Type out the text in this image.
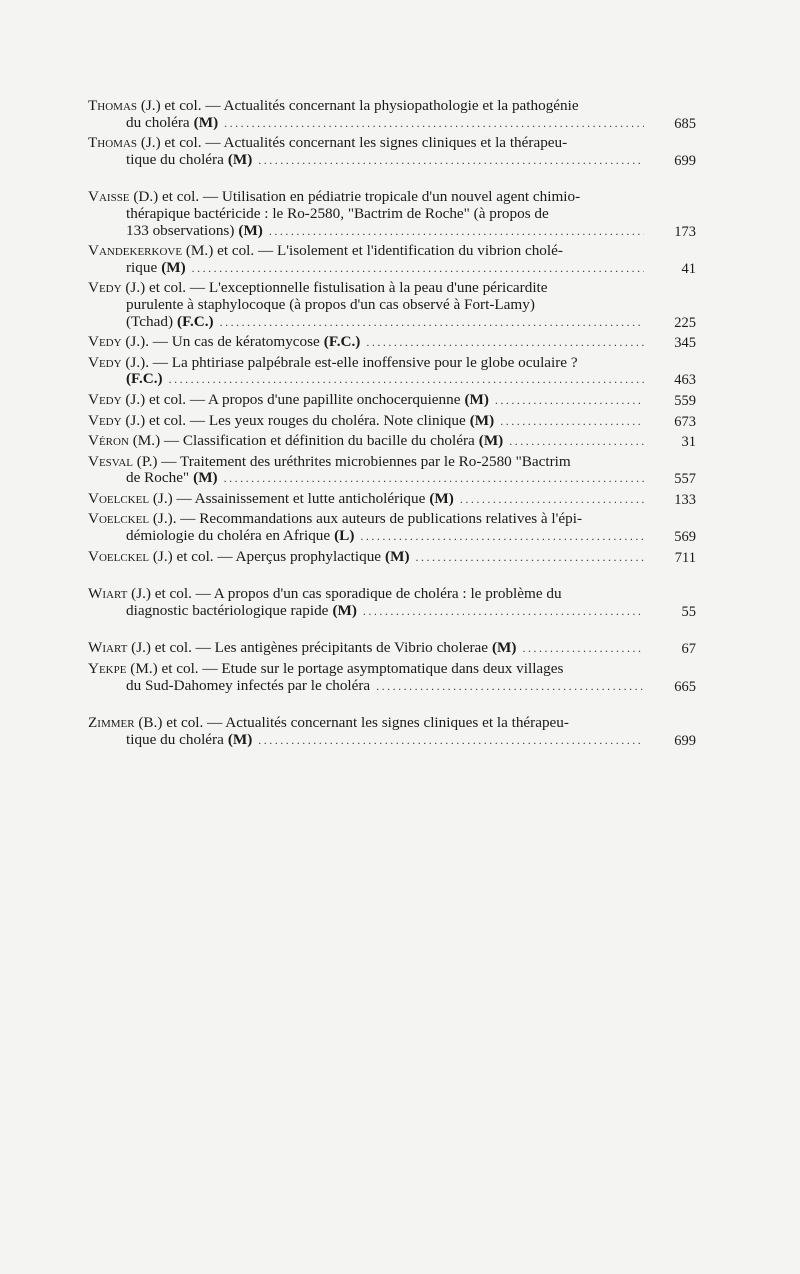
Thomas (J.) et col. — Actualités concernant la physiopathologie et la pathogénie
du choléra (M) .....	685
Thomas (J.) et col. — Actualités concernant les signes cliniques et la thérapeu-
tique du choléra (M) .....	699
Vaisse (D.) et col. — Utilisation en pédiatrie tropicale d'un nouvel agent chimio-
thérapique bactéricide : le Ro-2580, "Bactrim de Roche" (à propos de
133 observations) (M) .....	173
Vandekerkove (M.) et col. — L'isolement et l'identification du vibrion cholé-
rique (M) .....	41
Vedy (J.) et col. — L'exceptionnelle fistulisation à la peau d'une péricardite
purulente à staphylocoque (à propos d'un cas observé à Fort-Lamy)
(Tchad) (F.C.) .....	225
Vedy (J.). — Un cas de kératomycose (F.C.) .....	345
Vedy (J.). — La phtiriase palpébrale est-elle inoffensive pour le globe oculaire ?
(F.C.) .....	463
Vedy (J.) et col. — A propos d'une papillite onchocerquienne (M) .....	559
Vedy (J.) et col. — Les yeux rouges du choléra. Note clinique (M) .....	673
Véron (M.) — Classification et définition du bacille du choléra (M) .....	31
Vesval (P.) — Traitement des uréthrites microbiennes par le Ro-2580 "Bactrim
de Roche" (M) .....	557
Voelckel (J.) — Assainissement et lutte anticholérique (M) .....	133
Voelckel (J.). — Recommandations aux auteurs de publications relatives à l'épi-
démiologie du choléra en Afrique (L) .....	569
Voelckel (J.) et col. — Aperçus prophylactique (M) .....	711
Wiart (J.) et col. — A propos d'un cas sporadique de choléra : le problème du
diagnostic bactériologique rapide (M) .....	55
Wiart (J.) et col. — Les antigènes précipitants de Vibrio cholerae (M) .....	67
Yekpe (M.) et col. — Etude sur le portage asymptomatique dans deux villages
du Sud-Dahomey infectés par le choléra .....	665
Zimmer (B.) et col. — Actualités concernant les signes cliniques et la thérapeu-
tique du choléra (M) .....	699
